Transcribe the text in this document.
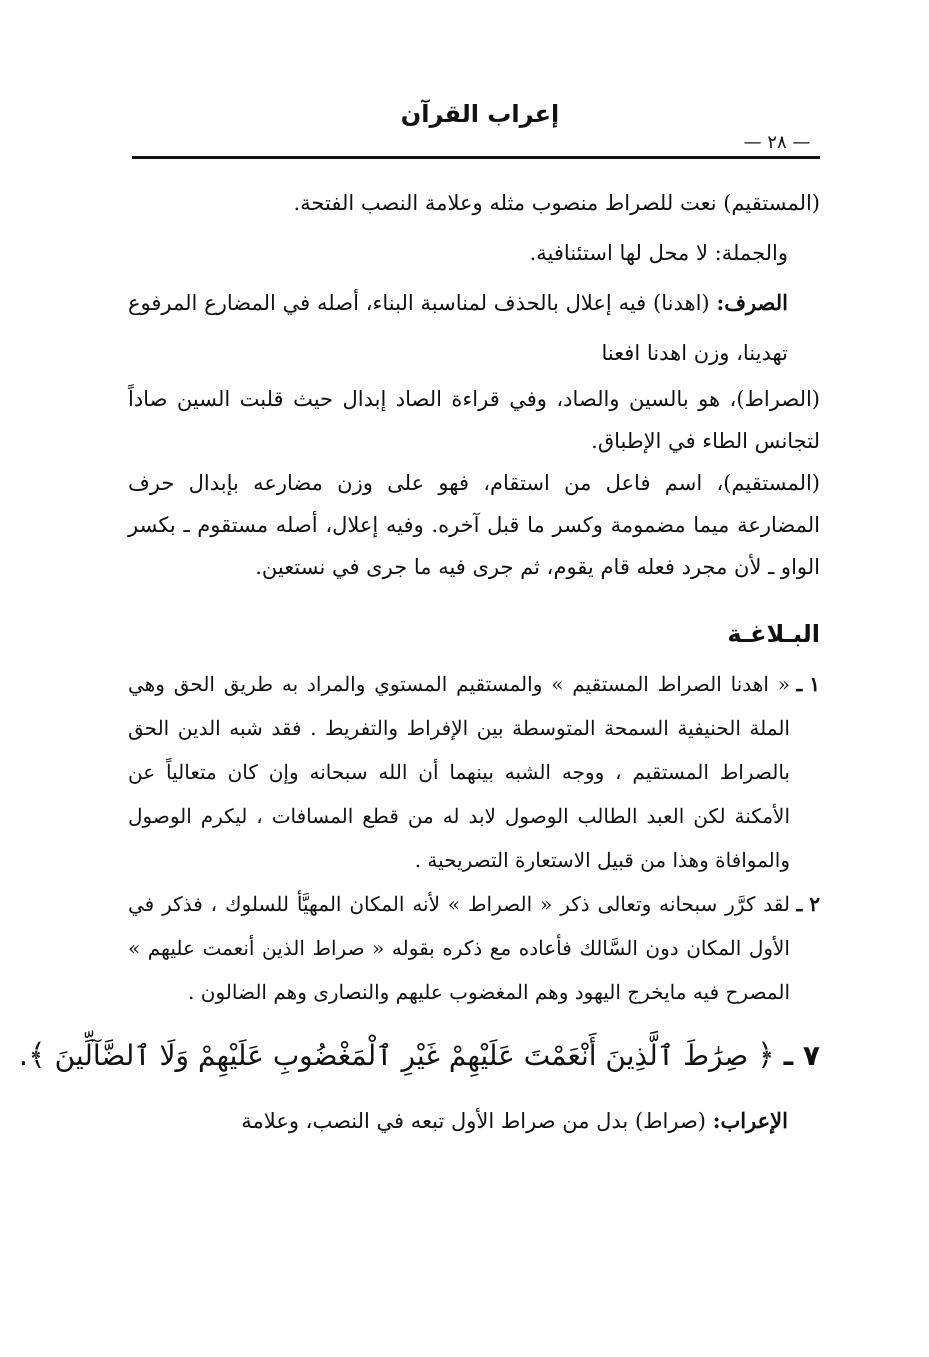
إعراب القرآن
— ٢٨ —

(المستقيم) نعت للصراط منصوب مثله وعلامة النصب الفتحة.

والجملة: لا محل لها استئنافية.

الصرف: (اهدنا) فيه إعلال بالحذف لمناسبة البناء، أصله في المضارع المرفوع تهدينا، وزن اهدنا افعنا

(الصراط)، هو بالسين والصاد، وفي قراءة الصاد إبدال حيث قلبت السين صاداً لتجانس الطاء في الإطباق.

(المستقيم)، اسم فاعل من استقام، فهو على وزن مضارعه بإبدال حرف المضارعة ميما مضمومة وكسر ما قبل آخره. وفيه إعلال، أصله مستقوم ـ بكسر الواو ـ لأن مجرد فعله قام يقوم، ثم جرى فيه ما جرى في نستعين.

البـلاغـة
١ ـ
« اهدنا الصراط المستقيم » والمستقيم المستوي والمراد به طريق الحق وهي الملة الحنيفية السمحة المتوسطة بين الإفراط والتفريط . فقد شبه الدين الحق بالصراط المستقيم ، ووجه الشبه بينهما أن الله سبحانه وإن كان متعالياً عن الأمكنة لكن العبد الطالب الوصول لابد له من قطع المسافات ، ليكرم الوصول والموافاة وهذا من قبيل الاستعارة التصريحية .
٢ ـ
لقد كرَّر سبحانه وتعالى ذكر « الصراط » لأنه المكان المهيَّأ للسلوك ، فذكر في الأول المكان دون السَّالك فأعاده مع ذكره بقوله « صراط الذين أنعمت عليهم » المصرح فيه مايخرج اليهود وهم المغضوب عليهم والنصارى وهم الضالون .
٧ ـ ﴿ صِرَٰطَ ٱلَّذِينَ أَنْعَمْتَ عَلَيْهِمْ غَيْرِ ٱلْمَغْضُوبِ عَلَيْهِمْ وَلَا ٱلضَّآلِّينَ ﴾.

الإعراب: (صراط) بدل من صراط الأول تبعه في النصب، وعلامة
